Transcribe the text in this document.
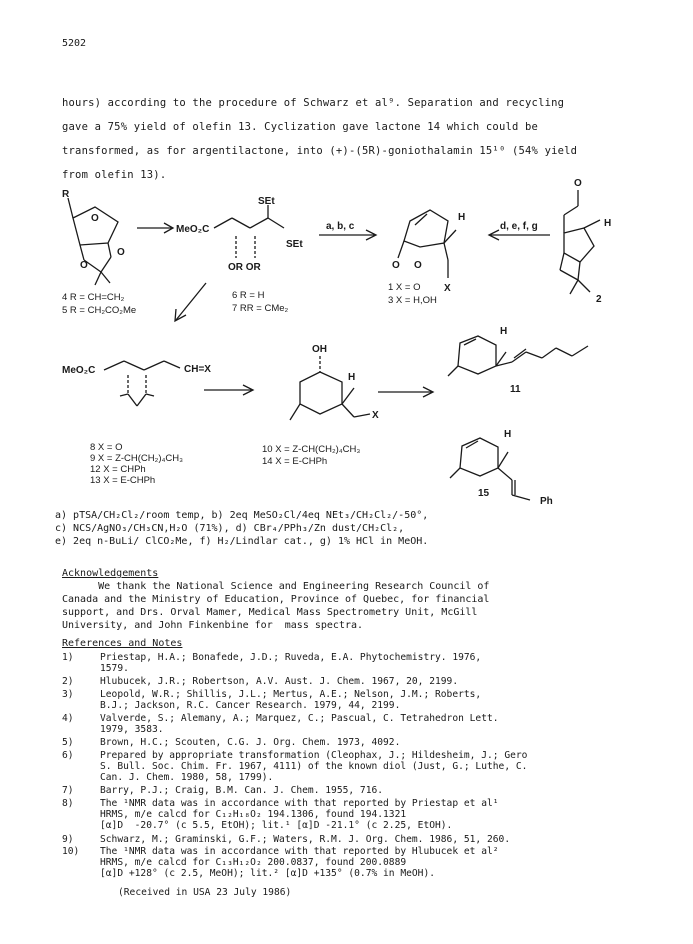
5202
hours) according to the procedure of Schwarz et al⁹. Separation and recycling
gave a 75% yield of olefin 13. Cyclization gave lactone 14 which could be
transformed, as for argentilactone, into (+)-(5R)-goniothalamin 15¹⁰ (54% yield
from olefin 13).
R
O
O
O
SEt
SEt
MeO₂C
OR OR
a, b, c	d, e, f, g
H
H
X
O O
O
2
MeO₂C	CH=X
OH
H
X
H
11
H
15
Ph
4 R = CH=CH₂
5 R = CH₂CO₂Me
6 R = H
7 RR = CMe₂
1 X = O
3 X = H,OH
8 X = O
9 X = Z-CH(CH₂)₄CH₃
12 X = CHPh
13 X = E-CHPh
10 X = Z-CH(CH₂)₄CH₃
14 X = E-CHPh
a) pTSA/CH₂Cl₂/room temp, b) 2eq MeSO₂Cl/4eq NEt₃/CH₂Cl₂/-50°,
c) NCS/AgNO₃/CH₃CN,H₂O (71%), d) CBr₄/PPh₃/Zn dust/CH₂Cl₂,
e) 2eq n-BuLi/ ClCO₂Me, f) H₂/Lindlar cat., g) 1% HCl in MeOH.
Acknowledgements
We thank the National Science and Engineering Research Council of
Canada and the Ministry of Education, Province of Quebec, for financial
support, and Drs. Orval Mamer, Medical Mass Spectrometry Unit, McGill
University, and John Finkenbine for  mass spectra.
References and Notes
1)	Priestap, H.A.; Bonafede, J.D.; Ruveda, E.A. Phytochemistry. 1976,
1579.
2)	Hlubucek, J.R.; Robertson, A.V. Aust. J. Chem. 1967, 20, 2199.
3)	Leopold, W.R.; Shillis, J.L.; Mertus, A.E.; Nelson, J.M.; Roberts,
B.J.; Jackson, R.C. Cancer Research. 1979, 44, 2199.
4)	Valverde, S.; Alemany, A.; Marquez, C.; Pascual, C. Tetrahedron Lett.
1979, 3583.
5)	Brown, H.C.; Scouten, C.G. J. Org. Chem. 1973, 4092.
6)	Prepared by appropriate transformation (Cleophax, J.; Hildesheim, J.; Gero
S. Bull. Soc. Chim. Fr. 1967, 4111) of the known diol (Just, G.; Luthe, C.
Can. J. Chem. 1980, 58, 1799).
7)	Barry, P.J.; Craig, B.M. Can. J. Chem. 1955, 716.
8)	The ¹NMR data was in accordance with that reported by Priestap et al¹
HRMS, m/e calcd for C₁₂H₁₈O₂ 194.1306, found 194.1321
[α]D  -20.7° (c 5.5, EtOH); lit.¹ [α]D -21.1° (c 2.25, EtOH).
9)	Schwarz, M.; Graminski, G.F.; Waters, R.M. J. Org. Chem. 1986, 51, 260.
10) The ¹NMR data was in accordance with that reported by Hlubucek et al²
HRMS, m/e calcd for C₁₃H₁₂O₂ 200.0837, found 200.0889
[α]D +128° (c 2.5, MeOH); lit.² [α]D +135° (0.7% in MeOH).
(Received in USA 23 July 1986)
